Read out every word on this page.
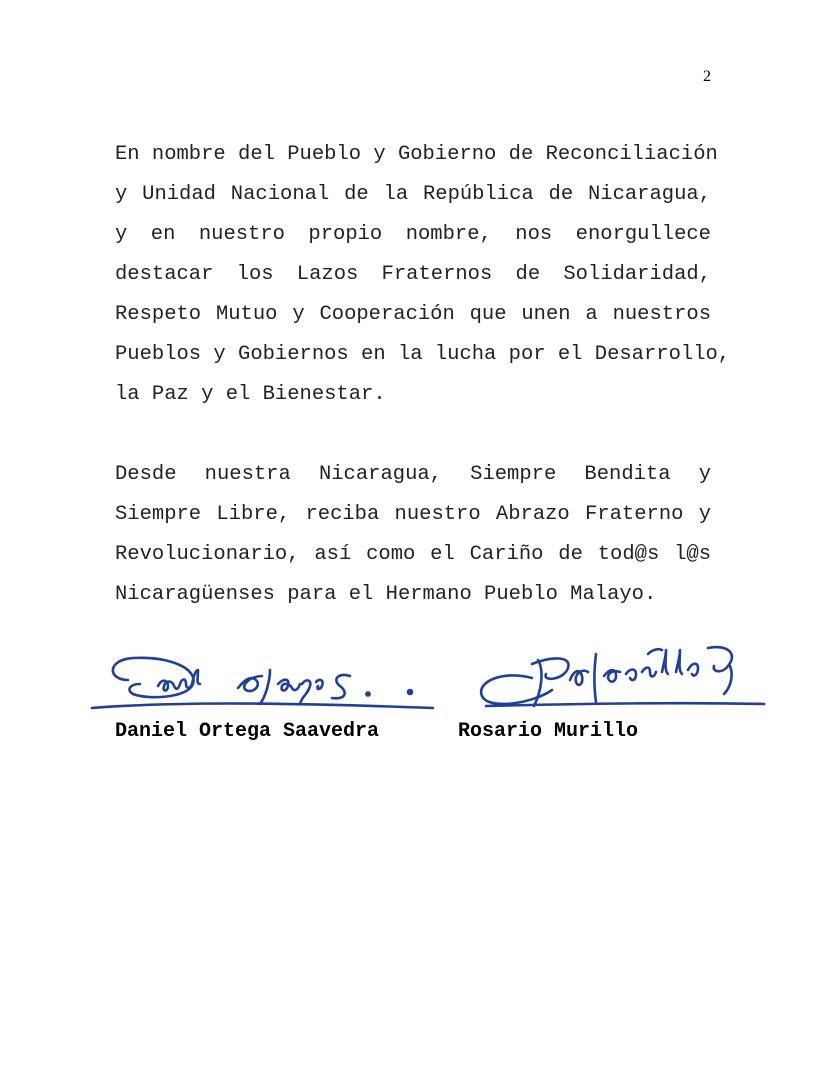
2
En nombre del Pueblo y Gobierno de Reconciliación
y Unidad Nacional de la República de Nicaragua,
y en nuestro propio nombre, nos enorgullece
destacar los Lazos Fraternos de Solidaridad,
Respeto Mutuo y Cooperación que unen a nuestros
Pueblos y Gobiernos en la lucha por el Desarrollo,
la Paz y el Bienestar.
Desde nuestra Nicaragua, Siempre Bendita y
Siempre Libre, reciba nuestro Abrazo Fraterno y
Revolucionario, así como el Cariño de tod@s l@s
Nicaragüenses para el Hermano Pueblo Malayo.
Daniel Ortega Saavedra	Rosario Murillo
